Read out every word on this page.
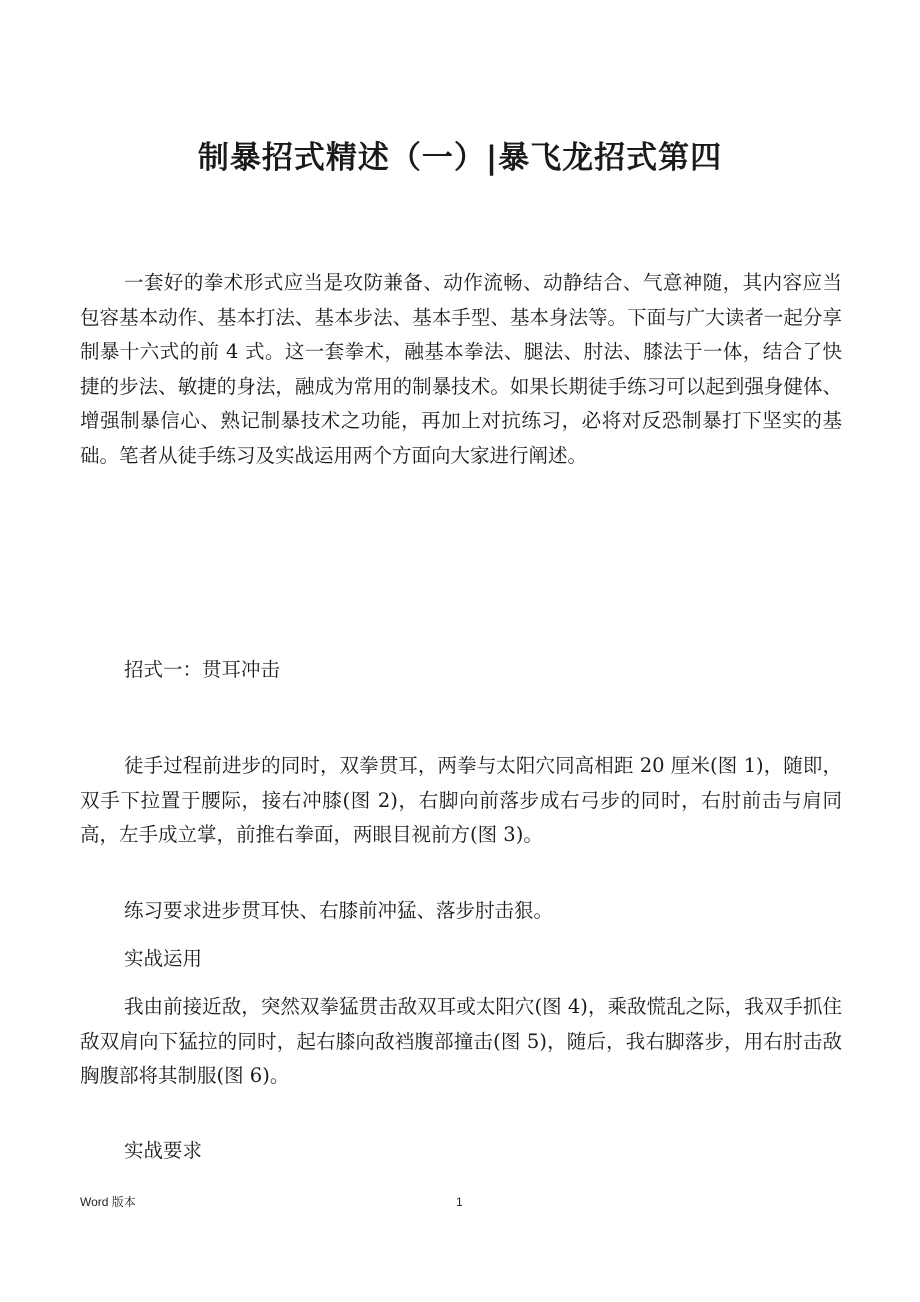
制暴招式精述（一）|暴飞龙招式第四

一套好的拳术形式应当是攻防兼备、动作流畅、动静结合、气意神随，其内容应当包容基本动作、基本打法、基本步法、基本手型、基本身法等。下面与广大读者一起分享制暴十六式的前 4 式。这一套拳术，融基本拳法、腿法、肘法、膝法于一体，结合了快捷的步法、敏捷的身法，融成为常用的制暴技术。如果长期徒手练习可以起到强身健体、增强制暴信心、熟记制暴技术之功能，再加上对抗练习，必将对反恐制暴打下坚实的基础。笔者从徒手练习及实战运用两个方面向大家进行阐述。

招式一：贯耳冲击

徒手过程前进步的同时，双拳贯耳，两拳与太阳穴同高相距 20 厘米(图 1)，随即，双手下拉置于腰际，接右冲膝(图 2)，右脚向前落步成右弓步的同时，右肘前击与肩同高，左手成立掌，前推右拳面，两眼目视前方(图 3)。

练习要求进步贯耳快、右膝前冲猛、落步肘击狠。

实战运用

我由前接近敌，突然双拳猛贯击敌双耳或太阳穴(图 4)，乘敌慌乱之际，我双手抓住敌双肩向下猛拉的同时，起右膝向敌裆腹部撞击(图 5)，随后，我右脚落步，用右肘击敌胸腹部将其制服(图 6)。

实战要求

Word 版本	1
